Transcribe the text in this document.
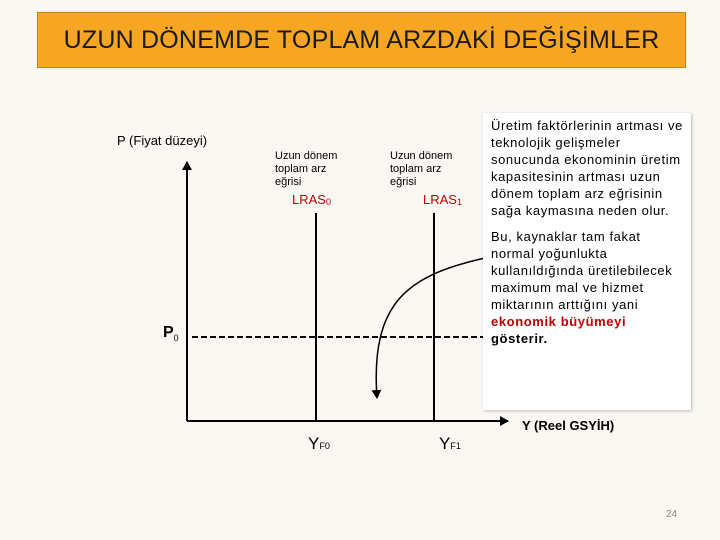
UZUN DÖNEMDE TOPLAM ARZDAKİ DEĞİŞİMLER
P (Fiyat düzeyi)
Uzun dönem
toplam arz
eğrisi
$LRAS_0$
Uzun dönem
toplam arz
eğrisi
$LRAS_1$
$P_0$
YF0	YF1
Y (Reel GSYİH)

Üretim faktörlerinin artması ve teknolojik gelişmeler sonucunda ekonominin üretim kapasitesinin artması uzun dönem toplam arz eğrisinin sağa kaymasına neden olur.

Bu, kaynaklar tam fakat normal yoğunlukta kullanıldığında üretilebilecek maximum mal ve hizmet miktarının arttığını yani ekonomik büyümeyi gösterir.

24
